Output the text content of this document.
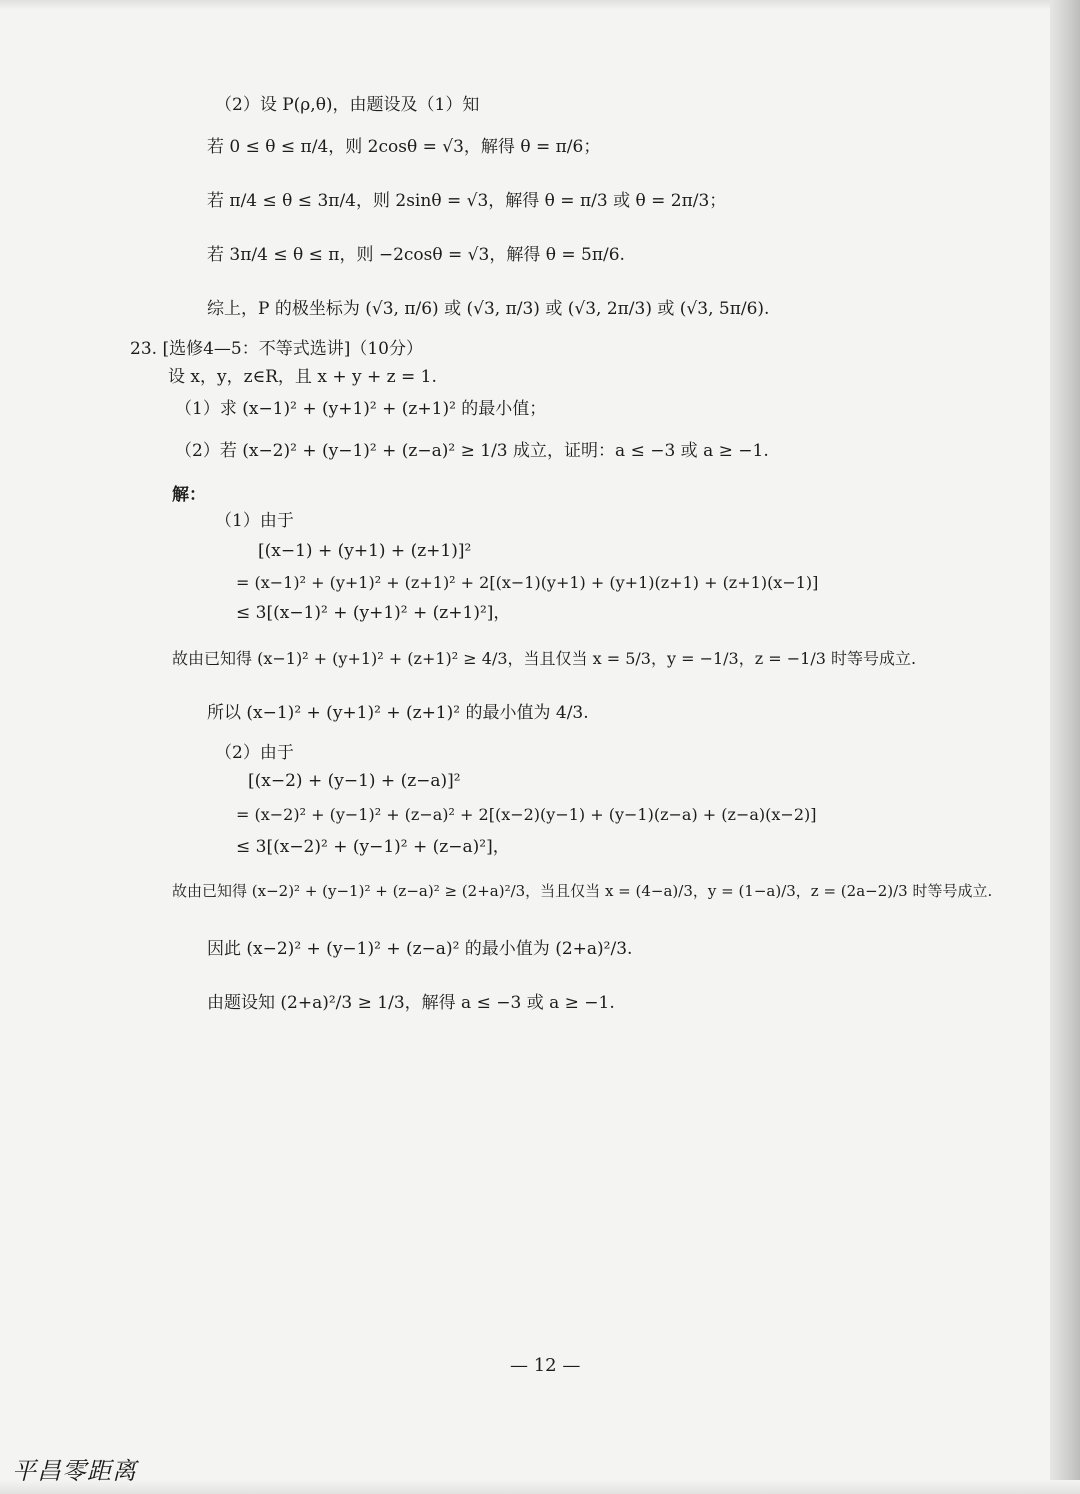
（2）设 P(ρ,θ)，由题设及（1）知
若 0 ≤ θ ≤ π/4，则 2cosθ = √3，解得 θ = π/6；
若 π/4 ≤ θ ≤ 3π/4，则 2sinθ = √3，解得 θ = π/3 或 θ = 2π/3；
若 3π/4 ≤ θ ≤ π，则 −2cosθ = √3，解得 θ = 5π/6.
综上，P 的极坐标为 (√3, π/6) 或 (√3, π/3) 或 (√3, 2π/3) 或 (√3, 5π/6).
23. [选修4—5：不等式选讲]（10分）
设 x，y，z∈R，且 x + y + z = 1.
（1）求 (x−1)² + (y+1)² + (z+1)² 的最小值；
（2）若 (x−2)² + (y−1)² + (z−a)² ≥ 1/3 成立，证明：a ≤ −3 或 a ≥ −1.
解：
（1）由于
[(x−1) + (y+1) + (z+1)]²
= (x−1)² + (y+1)² + (z+1)² + 2[(x−1)(y+1) + (y+1)(z+1) + (z+1)(x−1)]
≤ 3[(x−1)² + (y+1)² + (z+1)²]，
故由已知得 (x−1)² + (y+1)² + (z+1)² ≥ 4/3，当且仅当 x = 5/3，y = −1/3，z = −1/3 时等号成立.
所以 (x−1)² + (y+1)² + (z+1)² 的最小值为 4/3.
（2）由于
[(x−2) + (y−1) + (z−a)]²
= (x−2)² + (y−1)² + (z−a)² + 2[(x−2)(y−1) + (y−1)(z−a) + (z−a)(x−2)]
≤ 3[(x−2)² + (y−1)² + (z−a)²]，
故由已知得 (x−2)² + (y−1)² + (z−a)² ≥ (2+a)²/3，当且仅当 x = (4−a)/3，y = (1−a)/3，z = (2a−2)/3 时等号成立.
因此 (x−2)² + (y−1)² + (z−a)² 的最小值为 (2+a)²/3.
由题设知 (2+a)²/3 ≥ 1/3，解得 a ≤ −3 或 a ≥ −1.
— 12 —
平昌零距离
